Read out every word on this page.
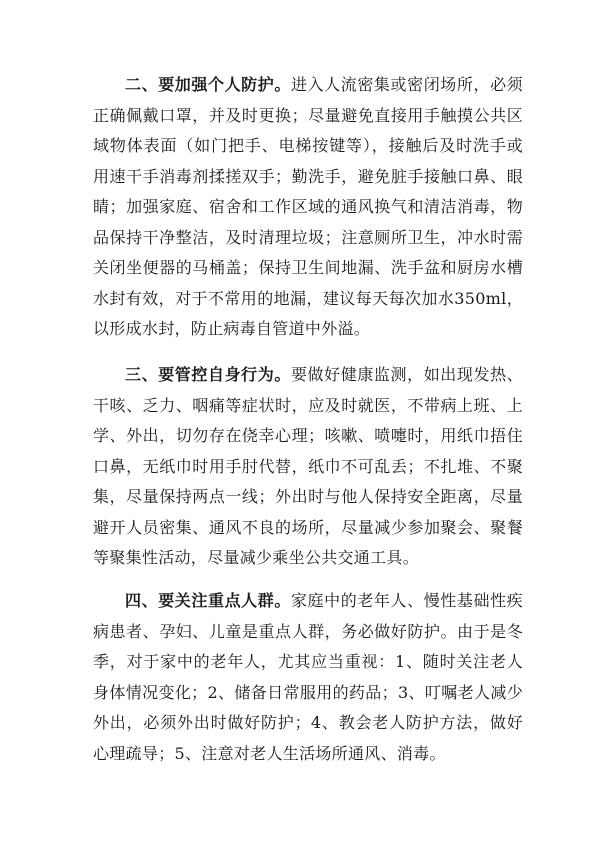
二、要加强个人防护。进入人流密集或密闭场所，必须正确佩戴口罩，并及时更换；尽量避免直接用手触摸公共区域物体表面（如门把手、电梯按键等），接触后及时洗手或用速干手消毒剂揉搓双手；勤洗手，避免脏手接触口鼻、眼睛；加强家庭、宿舍和工作区域的通风换气和清洁消毒，物品保持干净整洁，及时清理垃圾；注意厕所卫生，冲水时需关闭坐便器的马桶盖；保持卫生间地漏、洗手盆和厨房水槽水封有效，对于不常用的地漏，建议每天每次加水350ml，以形成水封，防止病毒自管道中外溢。

三、要管控自身行为。要做好健康监测，如出现发热、干咳、乏力、咽痛等症状时，应及时就医，不带病上班、上学、外出，切勿存在侥幸心理；咳嗽、喷嚏时，用纸巾捂住口鼻，无纸巾时用手肘代替，纸巾不可乱丢；不扎堆、不聚集，尽量保持两点一线；外出时与他人保持安全距离，尽量避开人员密集、通风不良的场所，尽量减少参加聚会、聚餐等聚集性活动，尽量减少乘坐公共交通工具。

四、要关注重点人群。家庭中的老年人、慢性基础性疾病患者、孕妇、儿童是重点人群，务必做好防护。由于是冬季，对于家中的老年人，尤其应当重视：1、随时关注老人身体情况变化；2、储备日常服用的药品；3、叮嘱老人减少外出，必须外出时做好防护；4、教会老人防护方法，做好心理疏导；5、注意对老人生活场所通风、消毒。
